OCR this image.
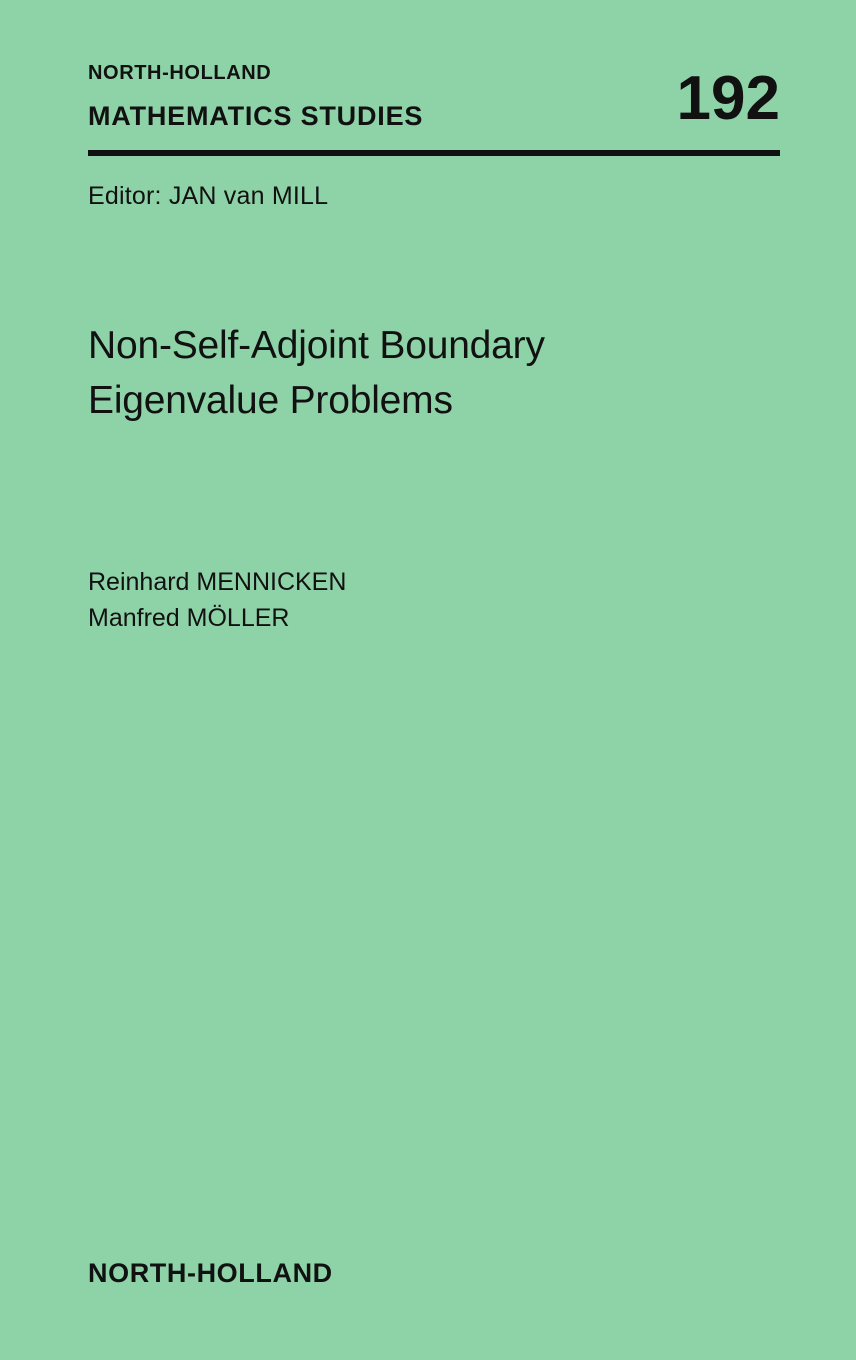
NORTH-HOLLAND
MATHEMATICS STUDIES	192
Editor: JAN van MILL
Non-Self-Adjoint Boundary
Eigenvalue Problems
Reinhard MENNICKEN
Manfred MÖLLER
NORTH-HOLLAND
